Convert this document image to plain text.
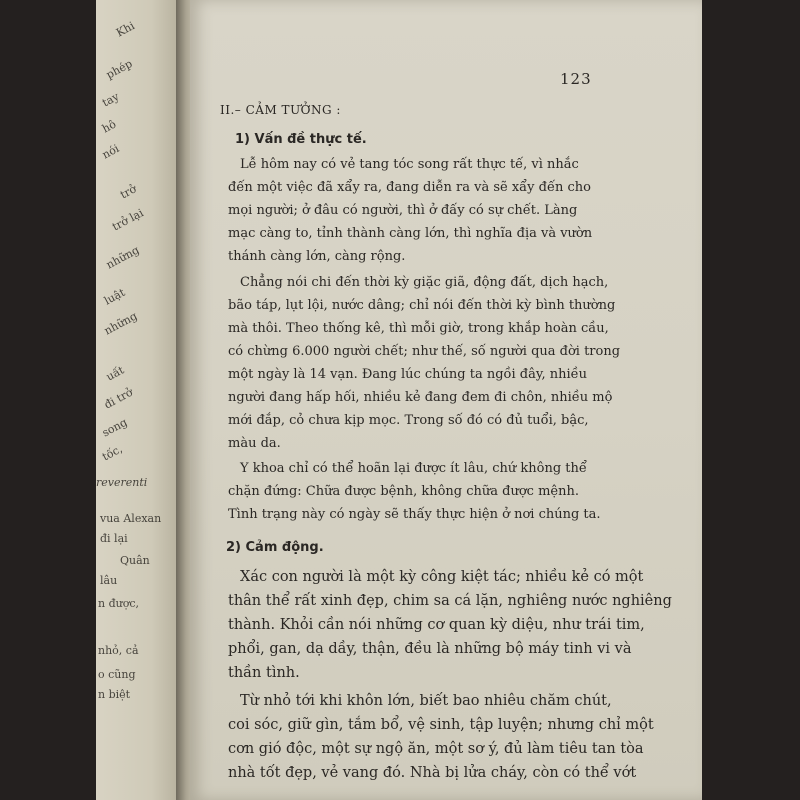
Khi
phép
tay
hô
nói
trở
trở lại
những
luật
những
uất
đi trở
song
tốc,
reverenti
vua Alexan
đi lại
Quân
lâu
n được,
nhỏ, cả
o cũng
n biệt
123
II.– CẢM TƯỞNG :
1) Vấn đề thực tế.
Lễ hôm nay có vẻ tang tóc song rất thực tế, vì nhắc
đến một việc đã xẩy ra, đang diễn ra và sẽ xẩy đến cho
mọi người; ở đâu có người, thì ở đấy có sự chết. Làng
mạc càng to, tỉnh thành càng lớn, thì nghĩa địa và vườn
thánh càng lớn, càng rộng.
Chẳng nói chi đến thời kỳ giặc giã, động đất, dịch hạch,
bão táp, lụt lội, nước dâng; chỉ nói đến thời kỳ bình thường
mà thôi. Theo thống kê, thì mỗi giờ, trong khắp hoàn cầu,
có chừng 6.000 người chết; như thế, số người qua đời trong
một ngày là 14 vạn. Đang lúc chúng ta ngồi đây, nhiều
người đang hấp hối, nhiều kẻ đang đem đi chôn, nhiều mộ
mới đắp, cỏ chưa kịp mọc. Trong số đó có đủ tuổi, bậc,
màu da.
Y khoa chỉ có thể hoãn lại được ít lâu, chứ không thể
chặn đứng: Chữa được bệnh, không chữa được mệnh.
Tình trạng này có ngày sẽ thấy thực hiện ở nơi chúng ta.
2) Cảm động.
Xác con người là một kỳ công kiệt tác; nhiều kẻ có một
thân thể rất xinh đẹp, chim sa cá lặn, nghiêng nước nghiêng
thành. Khỏi cần nói những cơ quan kỳ diệu, như trái tim,
phổi, gan, dạ dầy, thận, đều là những bộ máy tinh vi và
thần tình.
Từ nhỏ tới khi khôn lớn, biết bao nhiêu chăm chút,
coi sóc, giữ gìn, tắm bổ, vệ sinh, tập luyện; nhưng chỉ một
cơn gió độc, một sự ngộ ăn, một sơ ý, đủ làm tiêu tan tòa
nhà tốt đẹp, vẻ vang đó. Nhà bị lửa cháy, còn có thể vớt
